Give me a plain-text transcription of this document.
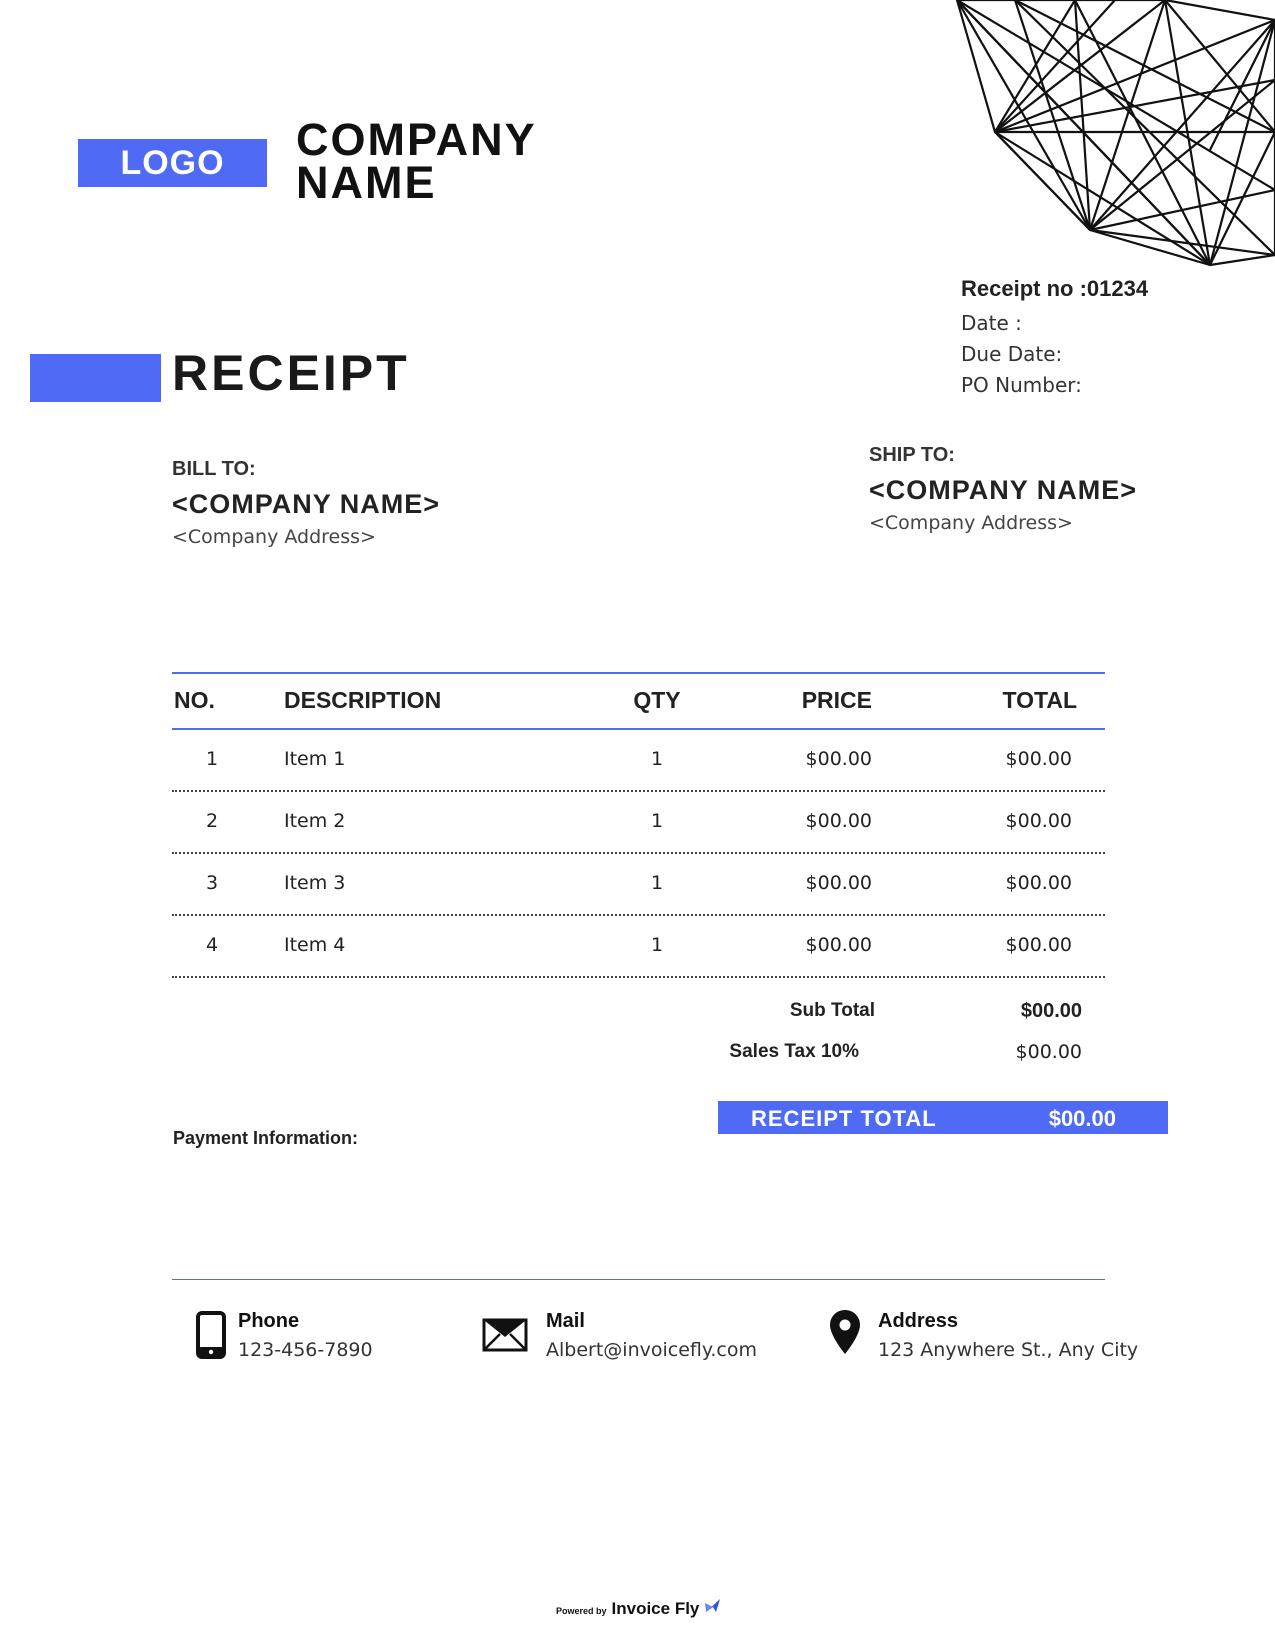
LOGO	COMPANY NAME
RECEIPT
Receipt no :01234
Date :
Due Date:
PO Number:
BILL TO:
<COMPANY NAME>
<Company Address>
SHIP TO:
<COMPANY NAME>
<Company Address>
NO.	DESCRIPTION	QTY	PRICE	TOTAL
1	Item 1	1	$00.00	$00.00
2	Item 2	1	$00.00	$00.00
3	Item 3	1	$00.00	$00.00
4	Item 4	1	$00.00	$00.00
Sub Total	$00.00
Sales Tax 10%	$00.00
RECEIPT TOTAL	$00.00
Payment Information:
Phone
123-456-7890
Mail
Albert@invoicefly.com
Address
123 Anywhere St., Any City
Powered by Invoice Fly
